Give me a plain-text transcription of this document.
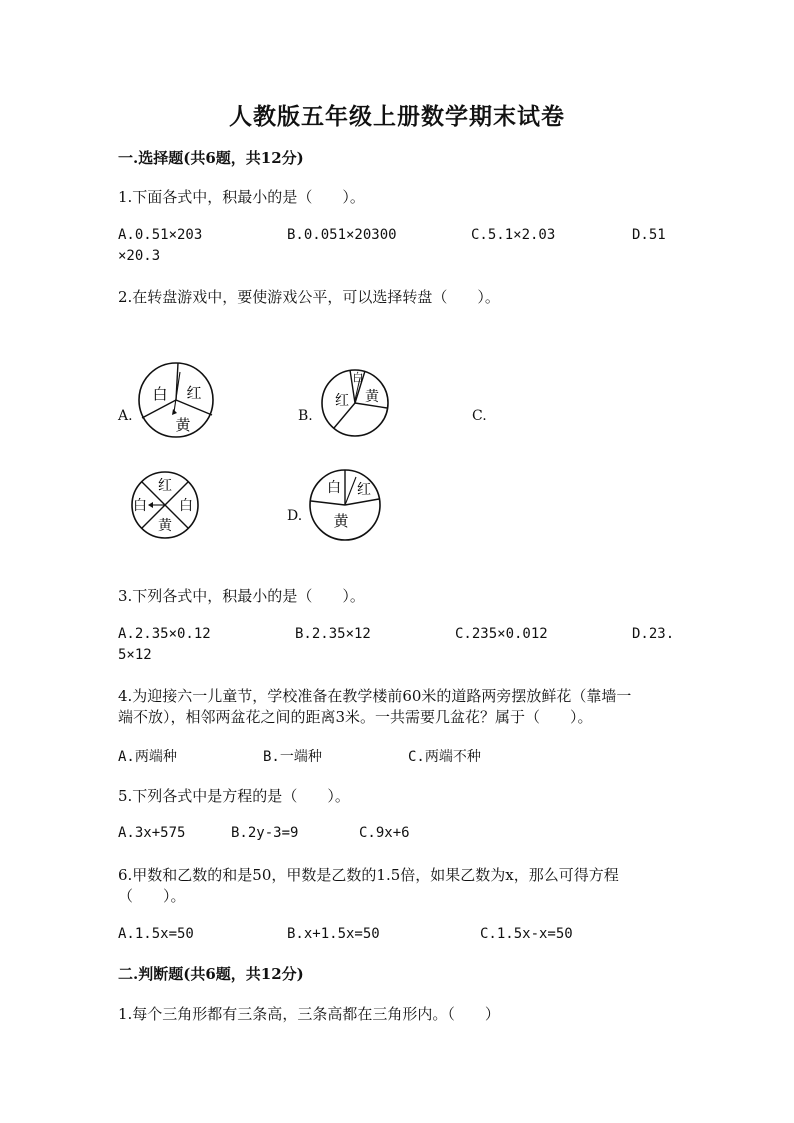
人教版五年级上册数学期末试卷
一.选择题(共6题，共12分)
1.下面各式中，积最小的是（　　）。
A.0.51×203	B.0.051×20300	C.5.1×2.03	D.51
×20.3
2.在转盘游戏中，要使游戏公平，可以选择转盘（　　）。
A.
白 红
黄	B.
白
红 黄
C.
红
白 白
黄
D.
白 红
黄
3.下列各式中，积最小的是（　　）。
A.2.35×0.12	B.2.35×12	C.235×0.012	D.23.
5×12
4.为迎接六一儿童节，学校准备在教学楼前60米的道路两旁摆放鲜花（靠墙一
端不放），相邻两盆花之间的距离3米。一共需要几盆花？属于（　　）。
A.两端种	B.一端种	C.两端不种
5.下列各式中是方程的是（　　）。
A.3x+575	B.2y-3=9	C.9x+6
6.甲数和乙数的和是50，甲数是乙数的1.5倍，如果乙数为x，那么可得方程
（　　）。
A.1.5x=50	B.x+1.5x=50	C.1.5x-x=50
二.判断题(共6题，共12分)
1.每个三角形都有三条高，三条高都在三角形内。（　　）
